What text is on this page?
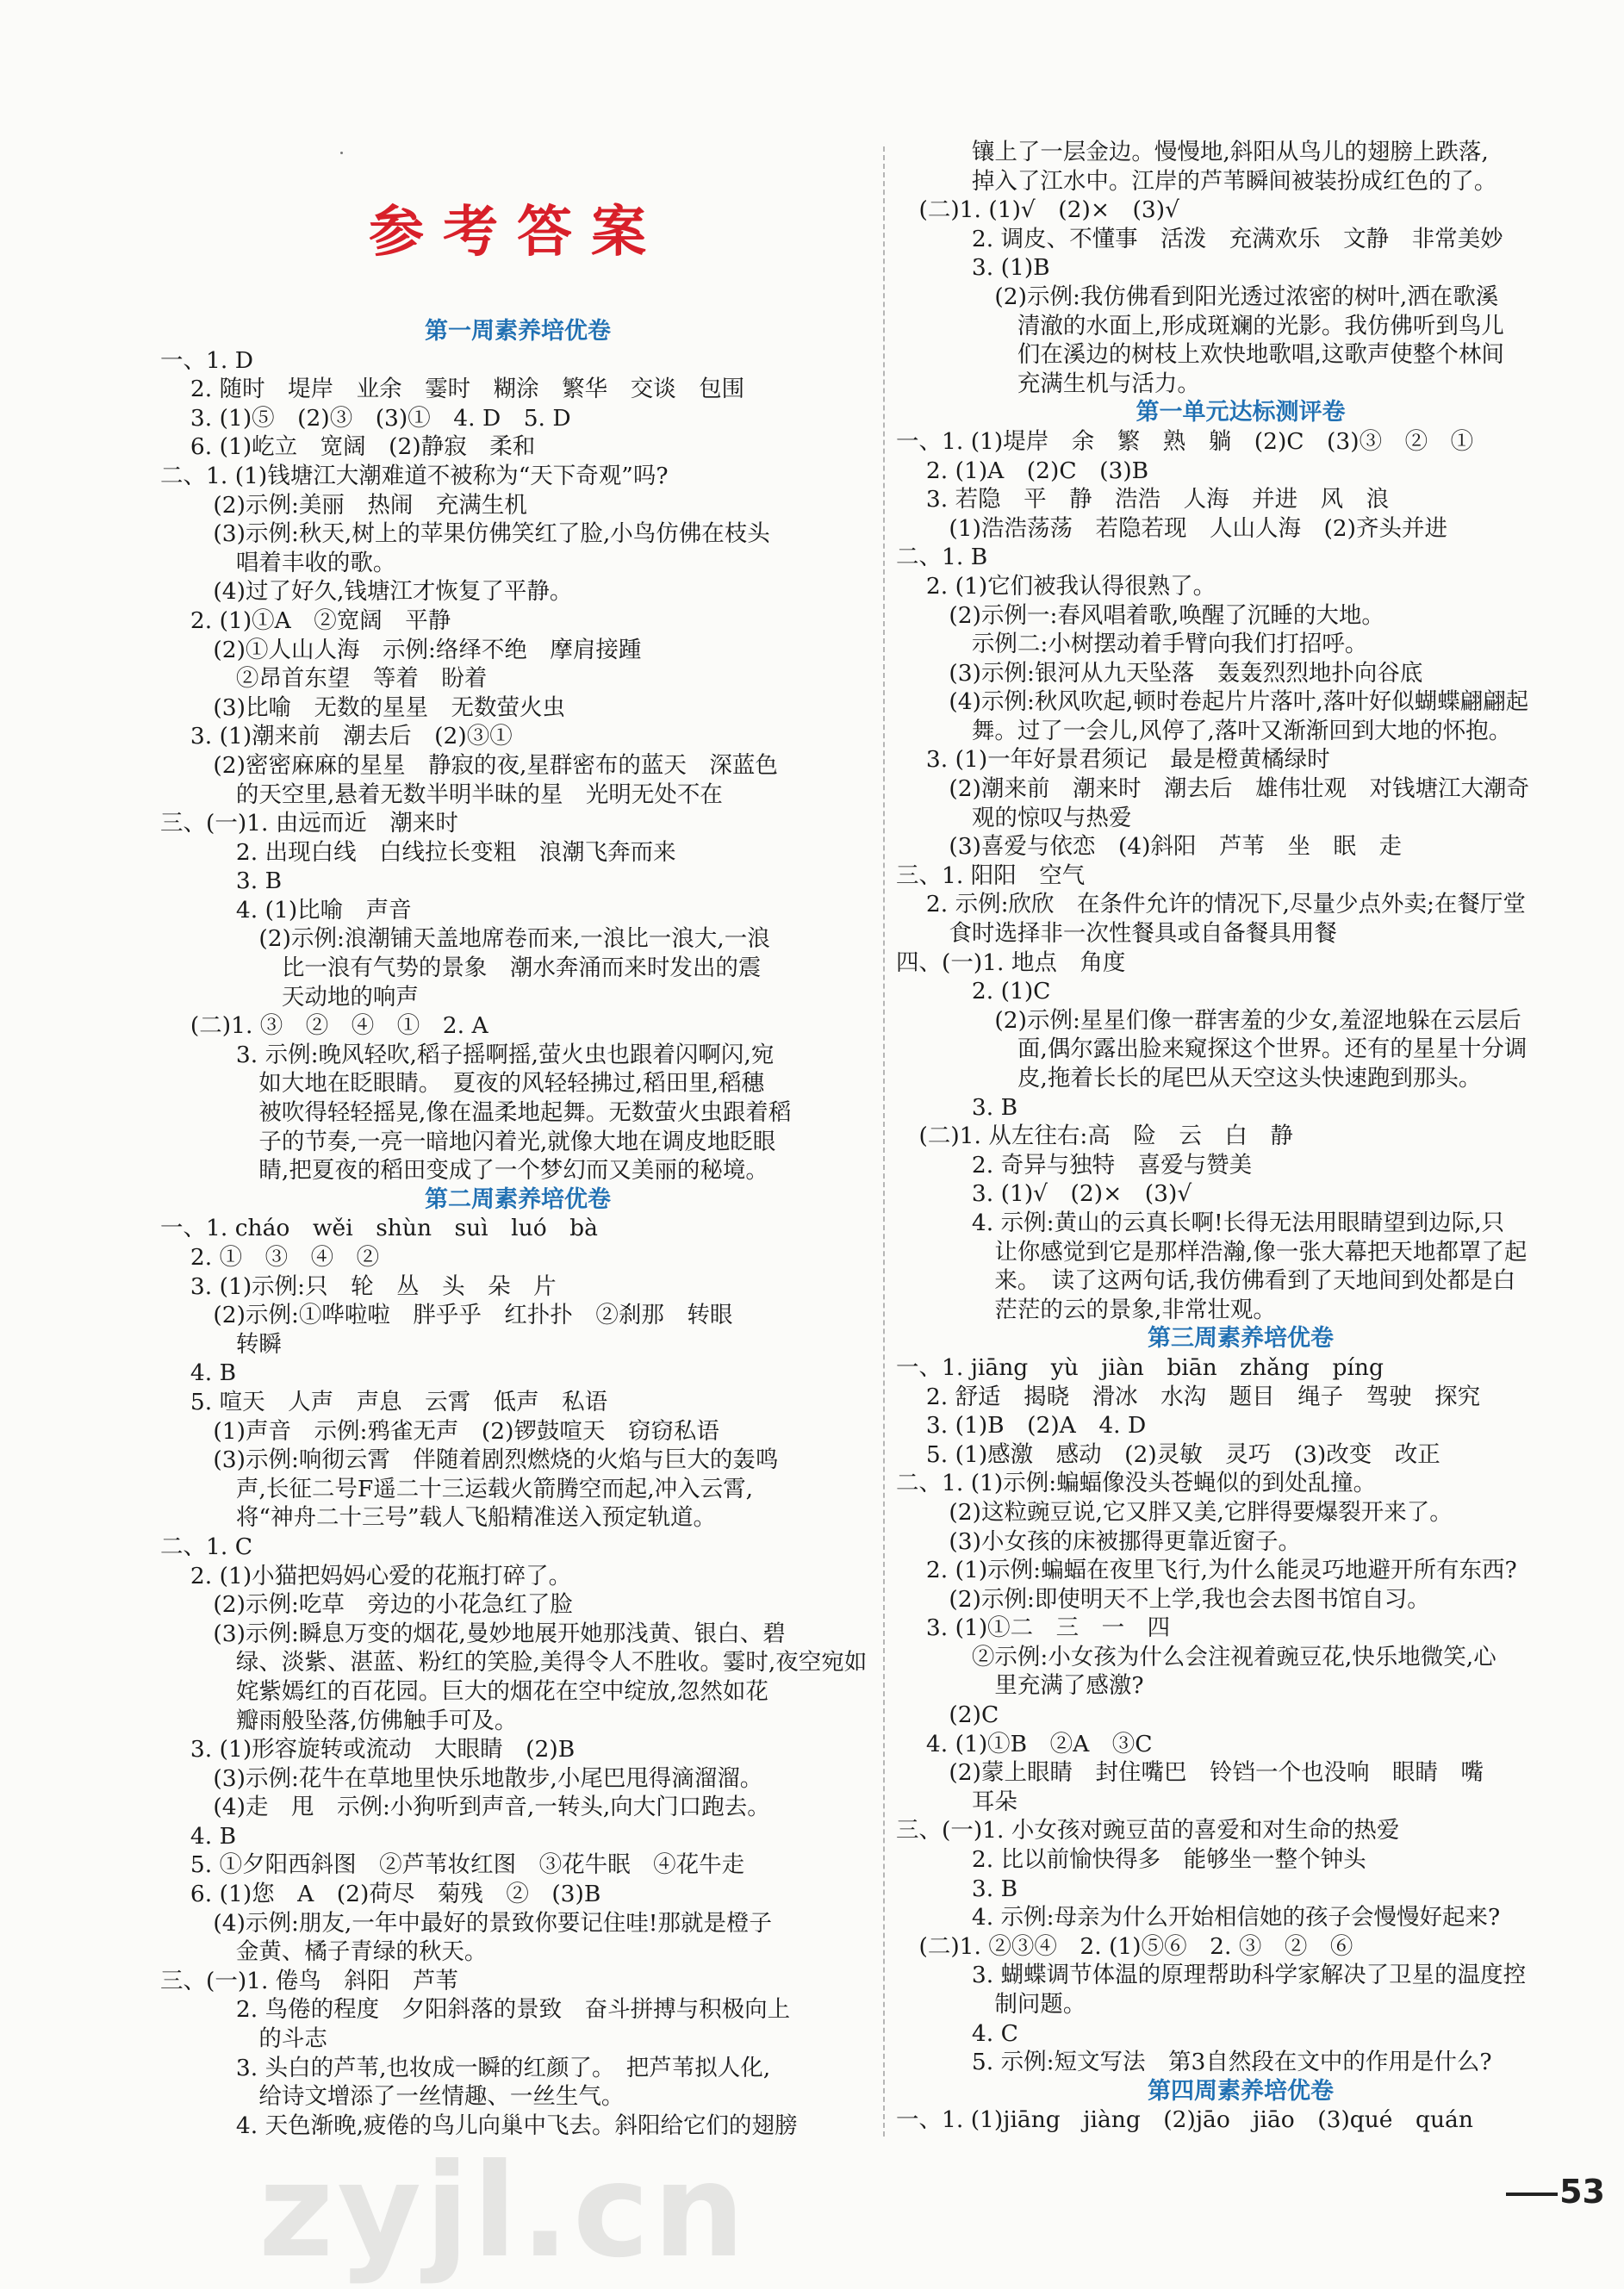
参考答案
第一周素养培优卷
一、1. D
　 2. 随时　堤岸　业余　霎时　糊涂　繁华　交谈　包围
　 3. (1)⑤　(2)③　(3)①　4. D　5. D
　 6. (1)屹立　宽阔　(2)静寂　柔和
二、1. (1)钱塘江大潮难道不被称为“天下奇观”吗?
　　 (2)示例:美丽　热闹　充满生机
　　 (3)示例:秋天,树上的苹果仿佛笑红了脸,小鸟仿佛在枝头
　　　 唱着丰收的歌。
　　 (4)过了好久,钱塘江才恢复了平静。
　 2. (1)①A　②宽阔　平静
　　 (2)①人山人海　示例:络绎不绝　摩肩接踵
　　　 ②昂首东望　等着　盼着
　　 (3)比喻　无数的星星　无数萤火虫
　 3. (1)潮来前　潮去后　(2)③①
　　 (2)密密麻麻的星星　静寂的夜,星群密布的蓝天　深蓝色
　　　 的天空里,悬着无数半明半昧的星　光明无处不在
三、(一)1. 由远而近　潮来时
　　　 2. 出现白线　白线拉长变粗　浪潮飞奔而来
　　　 3. B
　　　 4. (1)比喻　声音
　　　　 (2)示例:浪潮铺天盖地席卷而来,一浪比一浪大,一浪
　　　　　 比一浪有气势的景象　潮水奔涌而来时发出的震
　　　　　 天动地的响声
　 (二)1. ③　②　④　①　2. A
　　　 3. 示例:晚风轻吹,稻子摇啊摇,萤火虫也跟着闪啊闪,宛
　　　　 如大地在眨眼睛。　夏夜的风轻轻拂过,稻田里,稻穗
　　　　 被吹得轻轻摇晃,像在温柔地起舞。无数萤火虫跟着稻
　　　　 子的节奏,一亮一暗地闪着光,就像大地在调皮地眨眼
　　　　 睛,把夏夜的稻田变成了一个梦幻而又美丽的秘境。
第二周素养培优卷
一、1. cháo　wěi　shùn　suì　luó　bà
　 2. ①　③　④　②
　 3. (1)示例:只　轮　丛　头　朵　片
　　 (2)示例:①哗啦啦　胖乎乎　红扑扑　②刹那　转眼
　　　 转瞬
　 4. B
　 5. 喧天　人声　声息　云霄　低声　私语
　　 (1)声音　示例:鸦雀无声　(2)锣鼓喧天　窃窃私语
　　 (3)示例:响彻云霄　伴随着剧烈燃烧的火焰与巨大的轰鸣
　　　 声,长征二号F遥二十三运载火箭腾空而起,冲入云霄,
　　　 将“神舟二十三号”载人飞船精准送入预定轨道。
二、1. C
　 2. (1)小猫把妈妈心爱的花瓶打碎了。
　　 (2)示例:吃草　旁边的小花急红了脸
　　 (3)示例:瞬息万变的烟花,曼妙地展开她那浅黄、银白、碧
　　　 绿、淡紫、湛蓝、粉红的笑脸,美得令人不胜收。霎时,夜空宛如
　　　 姹紫嫣红的百花园。巨大的烟花在空中绽放,忽然如花
　　　 瓣雨般坠落,仿佛触手可及。
　 3. (1)形容旋转或流动　大眼睛　(2)B
　　 (3)示例:花牛在草地里快乐地散步,小尾巴甩得滴溜溜。
　　 (4)走　甩　示例:小狗听到声音,一转头,向大门口跑去。
　 4. B
　 5. ①夕阳西斜图　②芦苇妆红图　③花牛眠　④花牛走
　 6. (1)您　A　(2)荷尽　菊残　②　(3)B
　　 (4)示例:朋友,一年中最好的景致你要记住哇!那就是橙子
　　　 金黄、橘子青绿的秋天。
三、(一)1. 倦鸟　斜阳　芦苇
　　　 2. 鸟倦的程度　夕阳斜落的景致　奋斗拼搏与积极向上
　　　　 的斗志
　　　 3. 头白的芦苇,也妆成一瞬的红颜了。　把芦苇拟人化,
　　　　 给诗文增添了一丝情趣、一丝生气。
　　　 4. 天色渐晚,疲倦的鸟儿向巢中飞去。斜阳给它们的翅膀
　　　 镶上了一层金边。慢慢地,斜阳从鸟儿的翅膀上跌落,
　　　 掉入了江水中。江岸的芦苇瞬间被装扮成红色的了。
　(二)1. (1)√　(2)×　(3)√
　　　 2. 调皮、不懂事　活泼　充满欢乐　文静　非常美妙
　　　 3. (1)B
　　　　 (2)示例:我仿佛看到阳光透过浓密的树叶,洒在歌溪
　　　　　 清澈的水面上,形成斑斓的光影。我仿佛听到鸟儿
　　　　　 们在溪边的树枝上欢快地歌唱,这歌声使整个林间
　　　　　 充满生机与活力。
第一单元达标测评卷
一、1. (1)堤岸　余　繁　熟　躺　(2)C　(3)③　②　①
　 2. (1)A　(2)C　(3)B
　 3. 若隐　平　静　浩浩　人海　并进　风　浪
　　 (1)浩浩荡荡　若隐若现　人山人海　(2)齐头并进
二、1. B
　 2. (1)它们被我认得很熟了。
　　 (2)示例一:春风唱着歌,唤醒了沉睡的大地。
　　　 示例二:小树摆动着手臂向我们打招呼。
　　 (3)示例:银河从九天坠落　轰轰烈烈地扑向谷底
　　 (4)示例:秋风吹起,顿时卷起片片落叶,落叶好似蝴蝶翩翩起
　　　 舞。过了一会儿,风停了,落叶又渐渐回到大地的怀抱。
　 3. (1)一年好景君须记　最是橙黄橘绿时
　　 (2)潮来前　潮来时　潮去后　雄伟壮观　对钱塘江大潮奇
　　　 观的惊叹与热爱
　　 (3)喜爱与依恋　(4)斜阳　芦苇　坐　眠　走
三、1. 阳阳　空气
　 2. 示例:欣欣　在条件允许的情况下,尽量少点外卖;在餐厅堂
　　 食时选择非一次性餐具或自备餐具用餐
四、(一)1. 地点　角度
　　　 2. (1)C
　　　　 (2)示例:星星们像一群害羞的少女,羞涩地躲在云层后
　　　　　 面,偶尔露出脸来窥探这个世界。还有的星星十分调
　　　　　 皮,拖着长长的尾巴从天空这头快速跑到那头。
　　　 3. B
　(二)1. 从左往右:高　险　云　白　静
　　　 2. 奇异与独特　喜爱与赞美
　　　 3. (1)√　(2)×　(3)√
　　　 4. 示例:黄山的云真长啊!长得无法用眼睛望到边际,只
　　　　 让你感觉到它是那样浩瀚,像一张大幕把天地都罩了起
　　　　 来。　读了这两句话,我仿佛看到了天地间到处都是白
　　　　 茫茫的云的景象,非常壮观。
第三周素养培优卷
一、1. jiāng　yù　jiàn　biān　zhǎng　píng
　 2. 舒适　揭晓　滑冰　水沟　题目　绳子　驾驶　探究
　 3. (1)B　(2)A　4. D
　 5. (1)感激　感动　(2)灵敏　灵巧　(3)改变　改正
二、1. (1)示例:蝙蝠像没头苍蝇似的到处乱撞。
　　 (2)这粒豌豆说,它又胖又美,它胖得要爆裂开来了。
　　 (3)小女孩的床被挪得更靠近窗子。
　 2. (1)示例:蝙蝠在夜里飞行,为什么能灵巧地避开所有东西?
　　 (2)示例:即使明天不上学,我也会去图书馆自习。
　 3. (1)①二　三　一　四
　　　 ②示例:小女孩为什么会注视着豌豆花,快乐地微笑,心
　　　　 里充满了感激?
　　 (2)C
　 4. (1)①B　②A　③C
　　 (2)蒙上眼睛　封住嘴巴　铃铛一个也没响　眼睛　嘴
　　　 耳朵
三、(一)1. 小女孩对豌豆苗的喜爱和对生命的热爱
　　　 2. 比以前愉快得多　能够坐一整个钟头
　　　 3. B
　　　 4. 示例:母亲为什么开始相信她的孩子会慢慢好起来?
　(二)1. ②③④　2. (1)⑤⑥　2. ③　②　⑥
　　　 3. 蝴蝶调节体温的原理帮助科学家解决了卫星的温度控
　　　　 制问题。
　　　 4. C
　　　 5. 示例:短文写法　第3自然段在文中的作用是什么?
第四周素养培优卷
一、1. (1)jiāng　jiàng　(2)jāo　jiāo　(3)qué　quán
53
zyjl.cn
